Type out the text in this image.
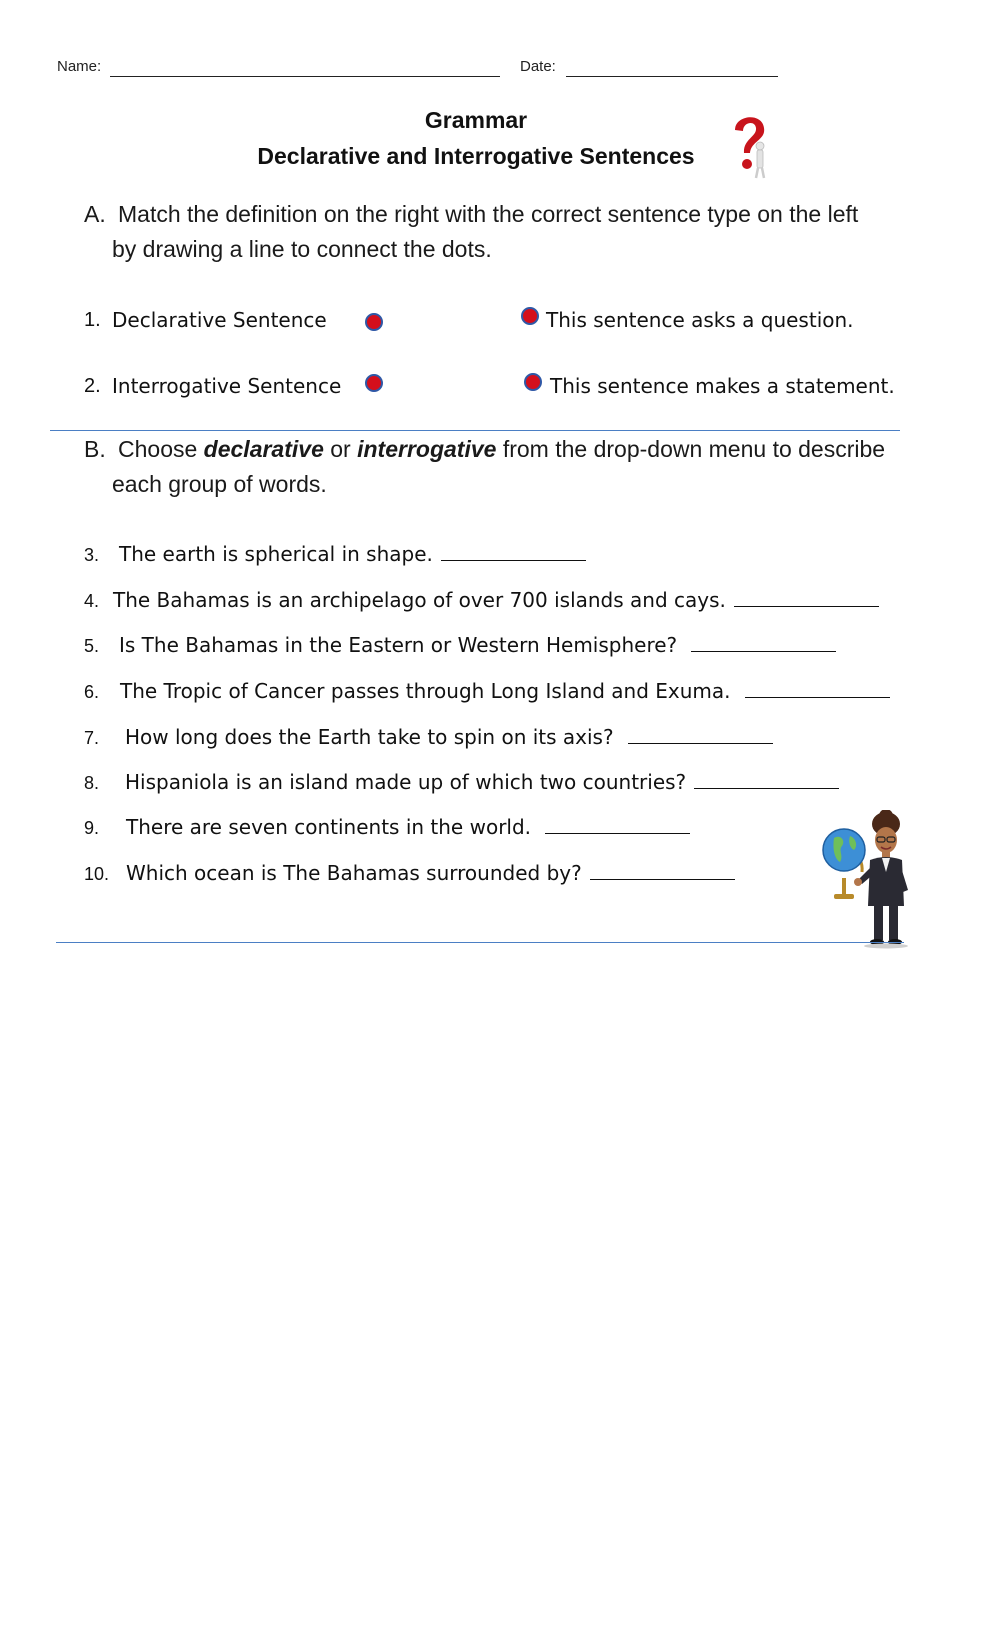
Name:	Date:
Grammar
Declarative and Interrogative Sentences
A. Match the definition on the right with the correct sentence type on the left
by drawing a line to connect the dots.
1. Declarative Sentence	This sentence asks a question.
2. Interrogative Sentence	This sentence makes a statement.
B. Choose declarative or interrogative from the drop-down menu to describe
each group of words.
3. The earth is spherical in shape.
4. The Bahamas is an archipelago of over 700 islands and cays.
5. Is The Bahamas in the Eastern or Western Hemisphere?
6. The Tropic of Cancer passes through Long Island and Exuma.
7. How long does the Earth take to spin on its axis?
8. Hispaniola is an island made up of which two countries?
9. There are seven continents in the world.
10. Which ocean is The Bahamas surrounded by?
